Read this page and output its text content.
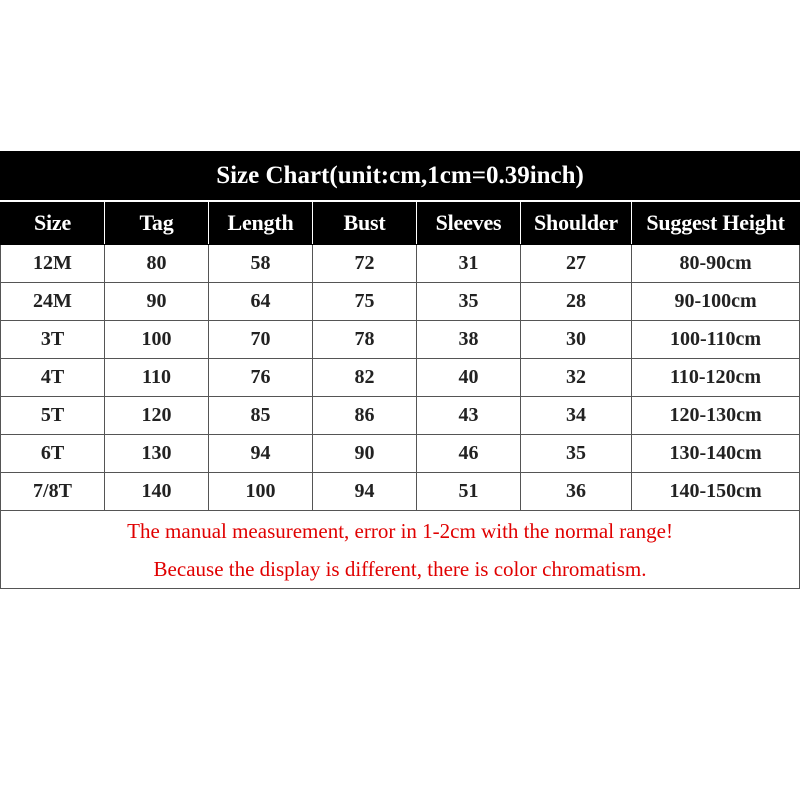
Size Chart(unit:cm,1cm=0.39inch)						
Size	Tag	Length	Bust	Sleeves	Shoulder	Suggest Height
12M	80	58	72	31	27	80-90cm
24M	90	64	75	35	28	90-100cm
3T	100	70	78	38	30	100-110cm
4T	110	76	82	40	32	110-120cm
5T	120	85	86	43	34	120-130cm
6T	130	94	90	46	35	130-140cm
7/8T	140	100	94	51	36	140-150cm

The manual measurement, error in 1-2cm with the normal range!
Because the display is different, there is color chromatism.						
